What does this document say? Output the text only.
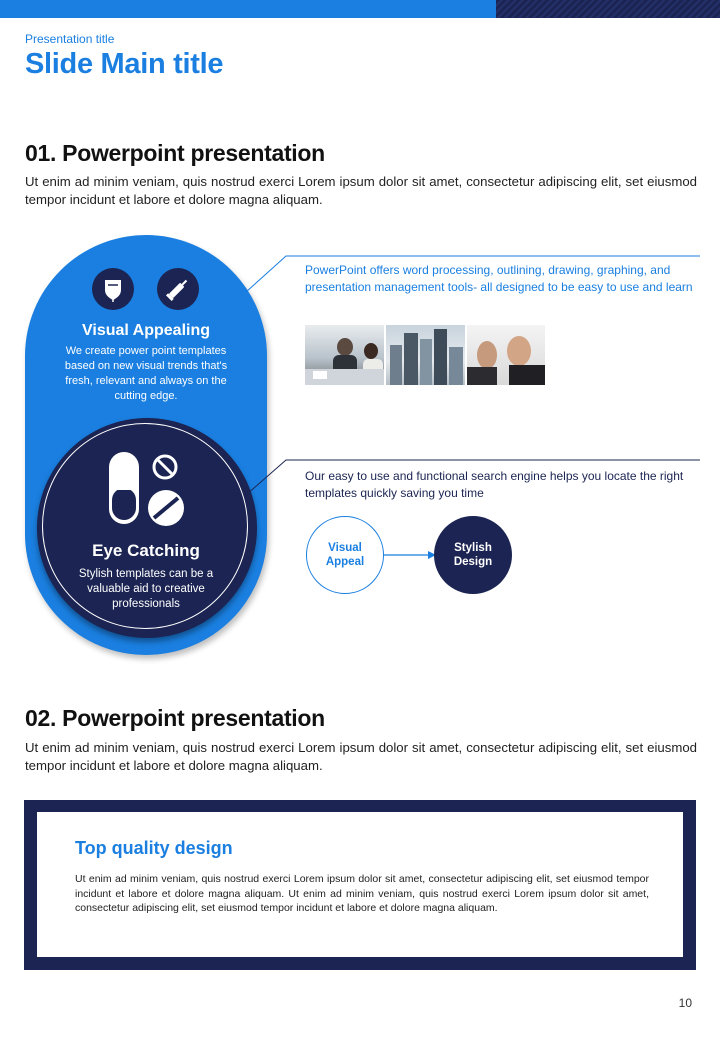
Presentation title
Slide Main title
01. Powerpoint presentation
Ut enim ad minim veniam, quis nostrud exerci Lorem ipsum dolor sit amet, consectetur adipiscing elit, set eiusmod tempor incidunt et labore et dolore magna aliquam.
Visual Appealing
We create power point templates based on new visual trends that's fresh, relevant and always on the cutting edge.
Eye Catching
Stylish templates can be a valuable aid to creative professionals
PowerPoint offers word processing, outlining, drawing, graphing, and presentation management tools- all designed to be easy to use and learn
Our easy to use and functional search engine helps you locate the right templates quickly saving you time
Visual
Appeal
Stylish
Design
02. Powerpoint presentation
Ut enim ad minim veniam, quis nostrud exerci Lorem ipsum dolor sit amet, consectetur adipiscing elit, set eiusmod tempor incidunt et labore et dolore magna aliquam.
Top quality design
Ut enim ad minim veniam, quis nostrud exerci Lorem ipsum dolor sit amet, consectetur adipiscing elit, set eiusmod tempor incidunt et labore et dolore magna aliquam. Ut enim ad minim veniam, quis nostrud exerci Lorem ipsum dolor sit amet, consectetur adipiscing elit, set eiusmod tempor incidunt et labore et dolore magna aliquam.
10
